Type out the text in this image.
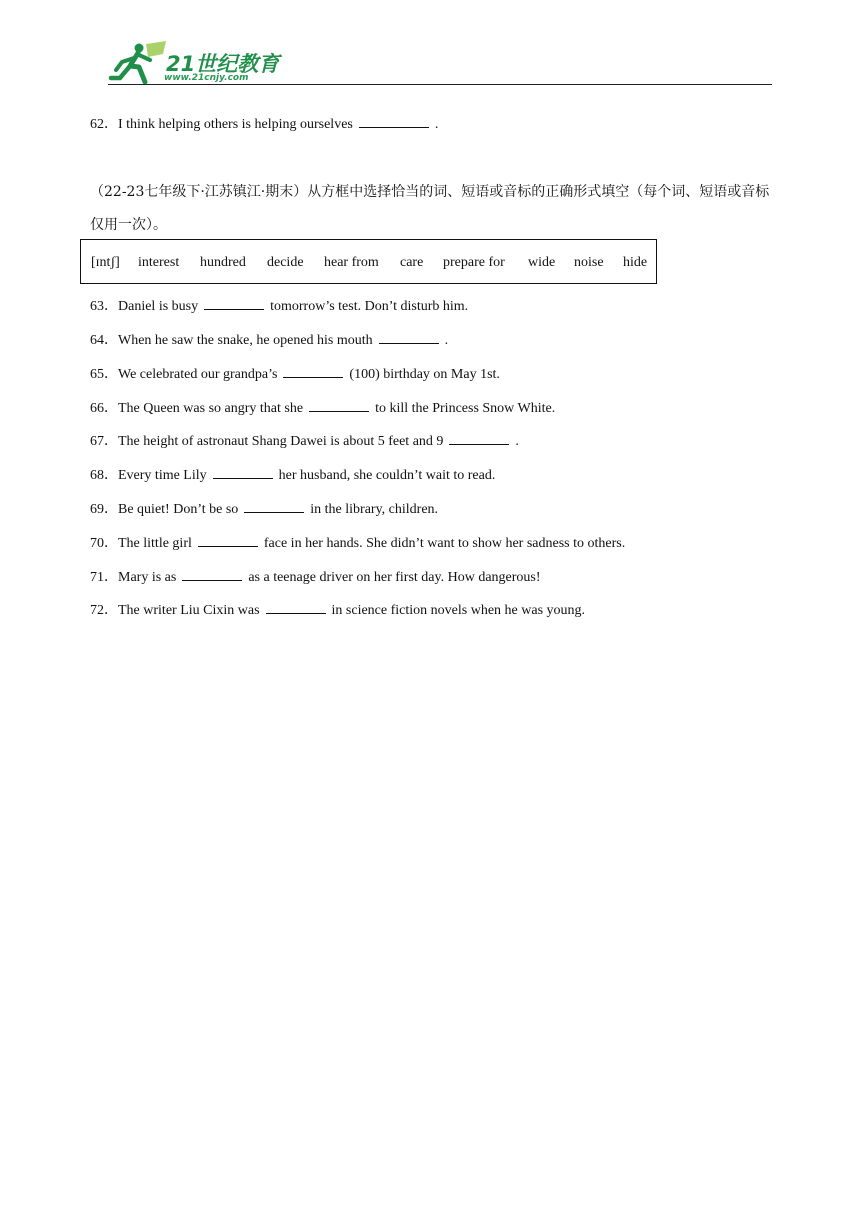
21世纪教育
www.21cnjy.com
62．I think helping others is helping ourselves	.
（22-23七年级下·江苏镇江·期末）从方框中选择恰当的词、短语或音标的正确形式填空（每个词、短语或音标仅用一次）。
[ɪntʃ] interest hundred decide hear from care prepare for wide noise hide
63．Daniel is busy	tomorrow’s test. Don’t disturb him.
64．When he saw the snake, he opened his mouth	.
65．We celebrated our grandpa’s	(100) birthday on May 1st.
66．The Queen was so angry that she	to kill the Princess Snow White.
67．The height of astronaut Shang Dawei is about 5 feet and 9	.
68．Every time Lily	her husband, she couldn’t wait to read.
69．Be quiet! Don’t be so	in the library, children.
70．The little girl	face in her hands. She didn’t want to show her sadness to others.
71．Mary is as	as a teenage driver on her first day. How dangerous!
72．The writer Liu Cixin was	in science fiction novels when he was young.
